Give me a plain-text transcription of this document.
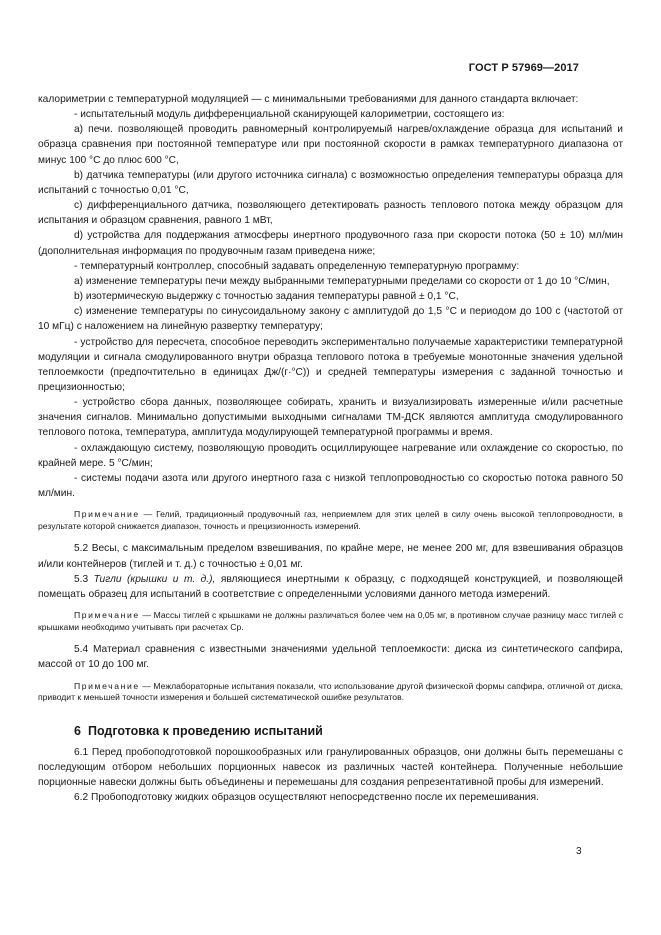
ГОСТ Р 57969—2017

калориметрии с температурной модуляцией — с минимальными требованиями для данного стандарта включает:

- испытательный модуль дифференциальной сканирующей калориметрии, состоящего из:

а) печи. позволяющей проводить равномерный контролируемый нагрев/охлаждение образца для испытаний и образца сравнения при постоянной температуре или при постоянной скорости в рамках температурного диапазона от минус 100 °С до плюс 600 °С,

b) датчика температуры (или другого источника сигнала) с возможностью определения температуры образца для испытаний с точностью 0,01 °С,

с) дифференциального датчика, позволяющего детектировать разность теплового потока между образцом для испытания и образцом сравнения, равного 1 мВт,

d) устройства для поддержания атмосферы инертного продувочного газа при скорости потока (50 ± 10) мл/мин (дополнительная информация по продувочным газам приведена ниже;

- температурный контроллер, способный задавать определенную температурную программу:

а) изменение температуры печи между выбранными температурными пределами со скорости от 1 до 10 °С/мин,

b) изотермическую выдержку с точностью задания температуры равной ± 0,1 °С,

с) изменение температуры по синусоидальному закону с амплитудой до 1,5 °С и периодом до 100 с (частотой от 10 мГц) с наложением на линейную развертку температуру;

- устройство для пересчета, способное переводить экспериментально получаемые характеристики температурной модуляции и сигнала смодулированного внутри образца теплового потока в требуемые монотонные значения удельной теплоемкости (предпочтительно в единицах Дж/(г·°С)) и средней температуры измерения с заданной точностью и прецизионностью;

- устройство сбора данных, позволяющее собирать, хранить и визуализировать измеренные и/или расчетные значения сигналов. Минимально допустимыми выходными сигналами ТМ-ДСК являются амплитуда смодулированного теплового потока, температура, амплитуда модулирующей температурной программы и время.

- охлаждающую систему, позволяющую проводить осциллирующее нагревание или охлаждение со скоростью, по крайней мере. 5 °С/мин;

- системы подачи азота или другого инертного газа с низкой теплопроводностью со скоростью потока равного 50 мл/мин.

Примечание — Гелий, традиционный продувочный газ, неприемлем для этих целей в силу очень высокой теплопроводности, в результате которой снижается диапазон, точность и прецизионность измерений.

5.2 Весы, с максимальным пределом взвешивания, по крайне мере, не менее 200 мг, для взвешивания образцов и/или контейнеров (тиглей и т. д.) с точностью ± 0,01 мг.

5.3 Тигли (крышки и т. д.), являющиеся инертными к образцу, с подходящей конструкцией, и позволяющей помещать образец для испытаний в соответствие с определенными условиями данного метода измерений.

Примечание — Массы тиглей с крышками не должны различаться более чем на 0,05 мг, в противном случае разницу масс тиглей с крышками необходимо учитывать при расчетах Ср.

5.4 Материал сравнения с известными значениями удельной теплоемкости: диска из синтетического сапфира, массой от 10 до 100 мг.

Примечание — Межлабораторные испытания показали, что использование другой физической формы сапфира, отличной от диска, приводит к меньшей точности измерения и большей систематической ошибке результатов.

6 Подготовка к проведению испытаний

6.1 Перед пробоподготовкой порошкообразных или гранулированных образцов, они должны быть перемешаны с последующим отбором небольших порционных навесок из различных частей контейнера. Полученные небольшие порционные навески должны быть объединены и перемешаны для создания репрезентативной пробы для измерений.

6.2 Пробоподготовку жидких образцов осуществляют непосредственно после их перемешивания.

3
